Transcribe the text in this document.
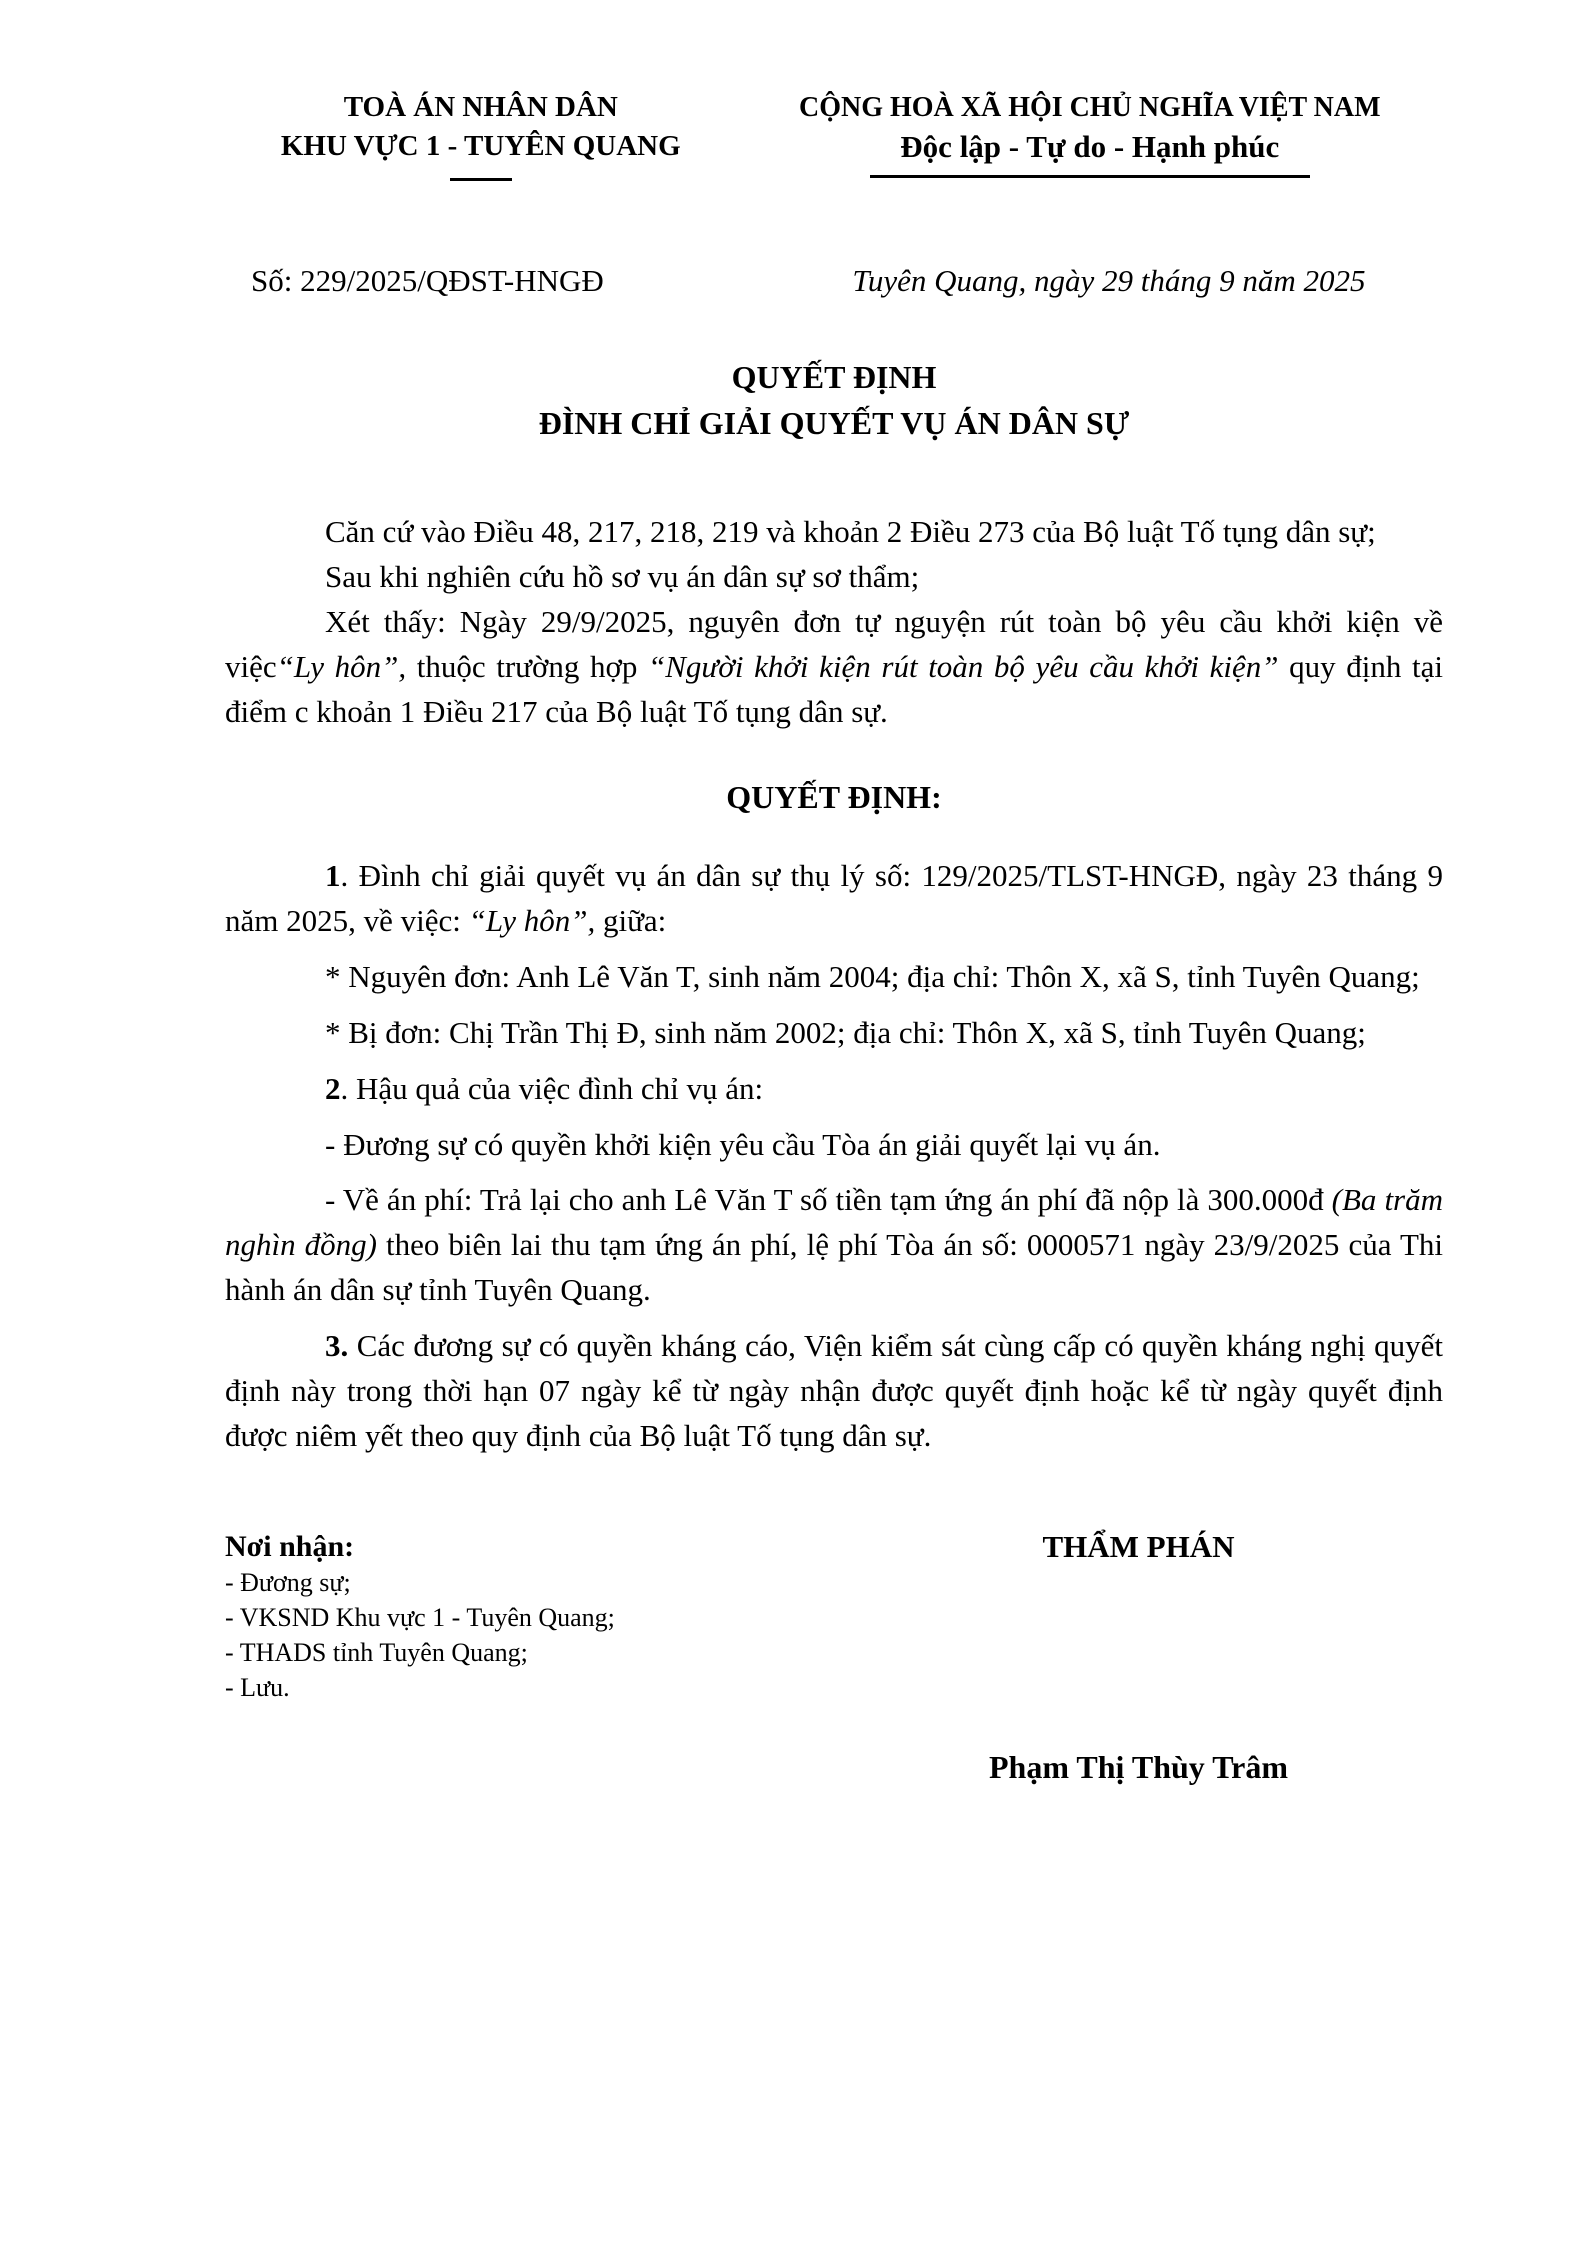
TOÀ ÁN NHÂN DÂN
KHU VỰC 1 - TUYÊN QUANG
CỘNG HOÀ XÃ HỘI CHỦ NGHĨA VIỆT NAM
Độc lập - Tự do - Hạnh phúc
Số: 229/2025/QĐST-HNGĐ	Tuyên Quang, ngày 29 tháng 9 năm 2025
QUYẾT ĐỊNH
ĐÌNH CHỈ GIẢI QUYẾT VỤ ÁN DÂN SỰ

Căn cứ vào Điều 48, 217, 218, 219 và khoản 2 Điều 273 của Bộ luật Tố tụng dân sự;

Sau khi nghiên cứu hồ sơ vụ án dân sự sơ thẩm;

Xét thấy: Ngày 29/9/2025, nguyên đơn tự nguyện rút toàn bộ yêu cầu khởi kiện về việc“Ly hôn”, thuộc trường hợp “Người khởi kiện rút toàn bộ yêu cầu khởi kiện” quy định tại điểm c khoản 1 Điều 217 của Bộ luật Tố tụng dân sự.

QUYẾT ĐỊNH:

1. Đình chỉ giải quyết vụ án dân sự thụ lý số: 129/2025/TLST-HNGĐ, ngày 23 tháng 9 năm 2025, về việc: “Ly hôn”, giữa:

* Nguyên đơn: Anh Lê Văn T, sinh năm 2004; địa chỉ: Thôn X, xã S, tỉnh Tuyên Quang;

* Bị đơn: Chị Trần Thị Đ, sinh năm 2002; địa chỉ: Thôn X, xã S, tỉnh Tuyên Quang;

2. Hậu quả của việc đình chỉ vụ án:

- Đương sự có quyền khởi kiện yêu cầu Tòa án giải quyết lại vụ án.

- Về án phí: Trả lại cho anh Lê Văn T số tiền tạm ứng án phí đã nộp là 300.000đ (Ba trăm nghìn đồng) theo biên lai thu tạm ứng án phí, lệ phí Tòa án số: 0000571 ngày 23/9/2025 của Thi hành án dân sự tỉnh Tuyên Quang.

3. Các đương sự có quyền kháng cáo, Viện kiểm sát cùng cấp có quyền kháng nghị quyết định này trong thời hạn 07 ngày kể từ ngày nhận được quyết định hoặc kể từ ngày quyết định được niêm yết theo quy định của Bộ luật Tố tụng dân sự.

Nơi nhận:
- Đương sự;
- VKSND Khu vực 1 - Tuyên Quang;
- THADS tỉnh Tuyên Quang;
- Lưu.
THẨM PHÁN
Phạm Thị Thùy Trâm
